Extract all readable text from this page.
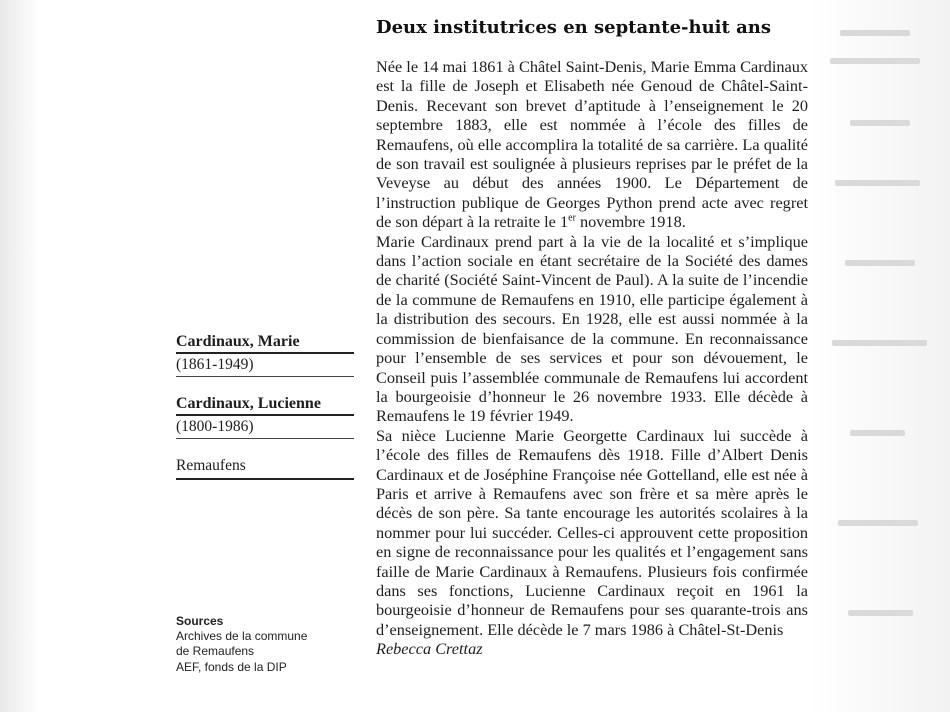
Deux institutrices en septante-huit ans

Née le 14 mai 1861 à Châtel Saint-Denis, Marie Emma Cardinaux est la fille de Joseph et Elisabeth née Genoud de Châtel-Saint-Denis. Recevant son brevet d’aptitude à l’enseignement le 20 septembre 1883, elle est nommée à l’école des filles de Remaufens, où elle accomplira la totalité de sa carrière. La qualité de son travail est soulignée à plusieurs reprises par le préfet de la Veveyse au début des années 1900. Le Département de l’instruction publique de Georges Python prend acte avec regret de son départ à la retraite le 1er novembre 1918.

Marie Cardinaux prend part à la vie de la localité et s’implique dans l’action sociale en étant secrétaire de la Société des dames de charité (Société Saint-Vincent de Paul). A la suite de l’incendie de la commune de Remaufens en 1910, elle participe également à la distribution des secours. En 1928, elle est aussi nommée à la commission de bienfaisance de la commune. En reconnaissance pour l’ensemble de ses services et pour son dévouement, le Conseil puis l’assemblée communale de Remaufens lui accordent la bourgeoisie d’honneur le 26 novembre 1933. Elle décède à Remaufens le 19 février 1949.

Sa nièce Lucienne Marie Georgette Cardinaux lui succède à l’école des filles de Remaufens dès 1918. Fille d’Albert Denis Cardinaux et de Joséphine Françoise née Gottelland, elle est née à Paris et arrive à Remaufens avec son frère et sa mère après le décès de son père. Sa tante encourage les autorités scolaires à la nommer pour lui succéder. Celles-ci approuvent cette proposition en signe de reconnaissance pour les qualités et l’engagement sans faille de Marie Cardinaux à Remaufens. Plusieurs fois confirmée dans ses fonctions, Lucienne Cardinaux reçoit en 1961 la bourgeoisie d’honneur de Remaufens pour ses quarante-trois ans d’enseignement. Elle décède le 7 mars 1986 à Châtel-St-Denis

Rebecca Crettaz

Cardinaux, Marie
(1861-1949)
Cardinaux, Lucienne
(1800-1986)
Remaufens
Sources
Archives de la commune
de Remaufens
AEF, fonds de la DIP
